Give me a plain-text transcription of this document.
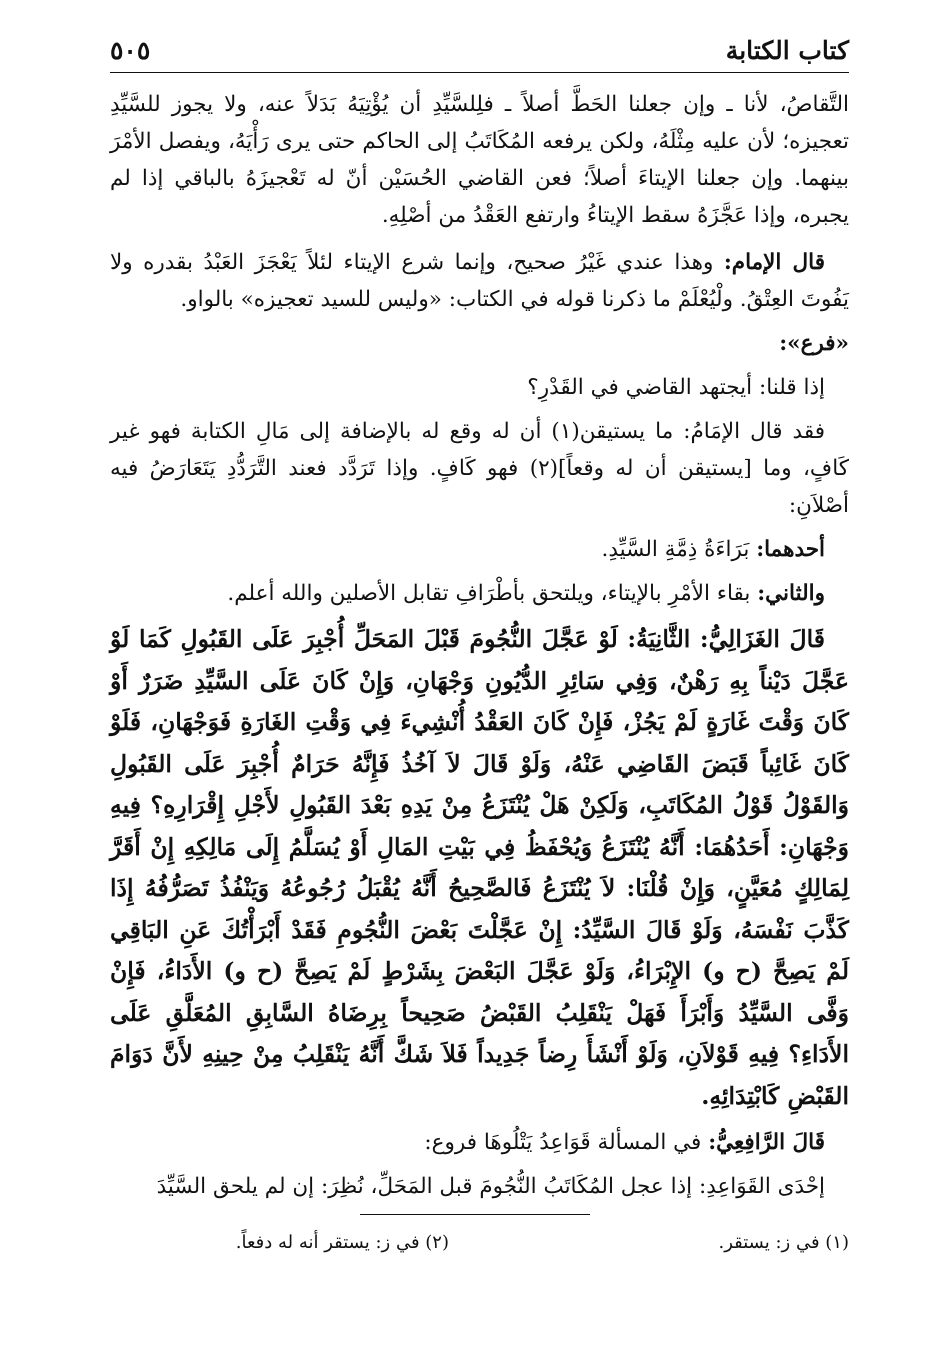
كتاب الكتابة
٥٠٥

التَّقاصُ، لأنا ـ وإن جعلنا الحَطَّ أصلاً ـ فلِلسَّيِّدِ أن يُؤْتِيَهُ بَدَلاً عنه، ولا يجوز للسَّيِّدِ تعجيزه؛ لأن عليه مِثْلَهُ، ولكن يرفعه المُكَاتَبُ إلى الحاكم حتى يرى رَأْيَهُ، ويفصل الأمْرَ بينهما. وإن جعلنا الإيتاءَ أصلاً؛ فعن القاضي الحُسَيْن أنّ له تَعْجيزَهُ بالباقي إذا لم يجبره، وإذا عَجَّزَهُ سقط الإيتاءُ وارتفع العَقْدُ من أصْلِهِ.

قال الإمام: وهذا عندي غَيْرُ صحيح، وإنما شرع الإيتاء لئلاً يَعْجَزَ العَبْدُ بقدره ولا يَفُوتَ العِتْقُ. ولْيُعْلَمْ ما ذكرنا قوله في الكتاب: «وليس للسيد تعجيزه» بالواو.

«فرع»:

إذا قلنا: أيجتهد القاضي في القَدْرِ؟

فقد قال الإمَامُ: ما يستيقن(١) أن له وقع له بالإضافة إلى مَالِ الكتابة فهو غير كَافٍ، وما [يستيقن أن له وقعاً](٢) فهو كَافٍ. وإذا تَرَدَّد فعند التَّرَدُّدِ يَتَعَارَضُ فيه أصْلاَنِ:

أحدهما: بَرَاءَةُ ذِمَّةِ السَّيِّدِ.

والثاني: بقاء الأمْرِ بالإيتاء، ويلتحق بأطْرَافِ تقابل الأصلين والله أعلم.

قَالَ الغَزَالِيُّ: الثَّانِيَةُ: لَوْ عَجَّلَ النُّجُومَ قَبْلَ المَحَلِّ أُجْبِرَ عَلَى القَبُولِ كَمَا لَوْ عَجَّلَ دَيْناً بِهِ رَهْنٌ، وَفِي سَائِرِ الدُّيُونِ وَجْهَانِ، وَإِنْ كَانَ عَلَى السَّيِّدِ ضَرَرٌ أَوْ كَانَ وَقْتَ غَارَةٍ لَمْ يَجُزْ، فَإِنْ كَانَ العَقْدُ أُنْشِيءَ فِي وَقْتِ الغَارَةِ فَوَجْهَانِ، فَلَوْ كَانَ غَائِباً قَبَضَ القَاضِي عَنْهُ، وَلَوْ قَالَ لاَ آخُذُ فَإِنَّهُ حَرَامٌ أُجْبِرَ عَلَى القَبُولِ وَالقَوْلُ قَوْلُ المُكَاتَبِ، وَلَكِنْ هَلْ يُنْتَزَعُ مِنْ يَدِهِ بَعْدَ القَبُولِ لأَجْلِ إِقْرَارِهِ؟ فِيهِ وَجْهَانِ: أَحَدُهُمَا: أَنَّهُ يُنْتَزَعُ وَيُحْفَظُ فِي بَيْتِ المَالِ أَوْ يُسَلَّمُ إِلَى مَالِكِهِ إِنْ أَقَرَّ لِمَالِكٍ مُعَيَّنٍ، وَإِنْ قُلْنَا: لاَ يُنْتَزَعُ فَالصَّحِيحُ أَنَّهُ يُقْبَلُ رُجُوعُهُ وَيَنْفُذُ تَصَرُّفُهُ إِذَا كَذَّبَ نَفْسَهُ، وَلَوْ قَالَ السَّيِّدُ: إِنْ عَجَّلْتَ بَعْضَ النُّجُومِ فَقَدْ أَبْرَأْتُكَ عَنِ البَاقِي لَمْ يَصِحَّ (ح و) الإِبْرَاءُ، وَلَوْ عَجَّلَ البَعْضَ بِشَرْطٍ لَمْ يَصِحَّ (ح و) الأَدَاءُ، فَإِنْ وَفَّى السَّيِّدُ وَأَبْرَأَ فَهَلْ يَنْقَلِبُ القَبْضُ صَحِيحاً بِرِضَاهُ السَّابِقِ المُعَلَّقِ عَلَى الأَدَاءِ؟ فِيهِ قَوْلاَنِ، وَلَوْ أَنْشَأَ رِضاً جَدِيداً فَلاَ شَكَّ أَنَّهُ يَنْقَلِبُ مِنْ حِينِهِ لأَنَّ دَوَامَ القَبْضِ كَابْتِدَائِهِ.

قَالَ الرَّافِعِيُّ: في المسألة قَوَاعِدُ يَتْلُوهَا فروع:

إحْدَى القَوَاعِدِ: إذا عجل المُكَاتَبُ النُّجُومَ قبل المَحَلِّ، نُظِرَ: إن لم يلحق السَّيِّدَ

(١) في ز: يستقر.
(٢) في ز: يستقر أنه له دفعاً.
